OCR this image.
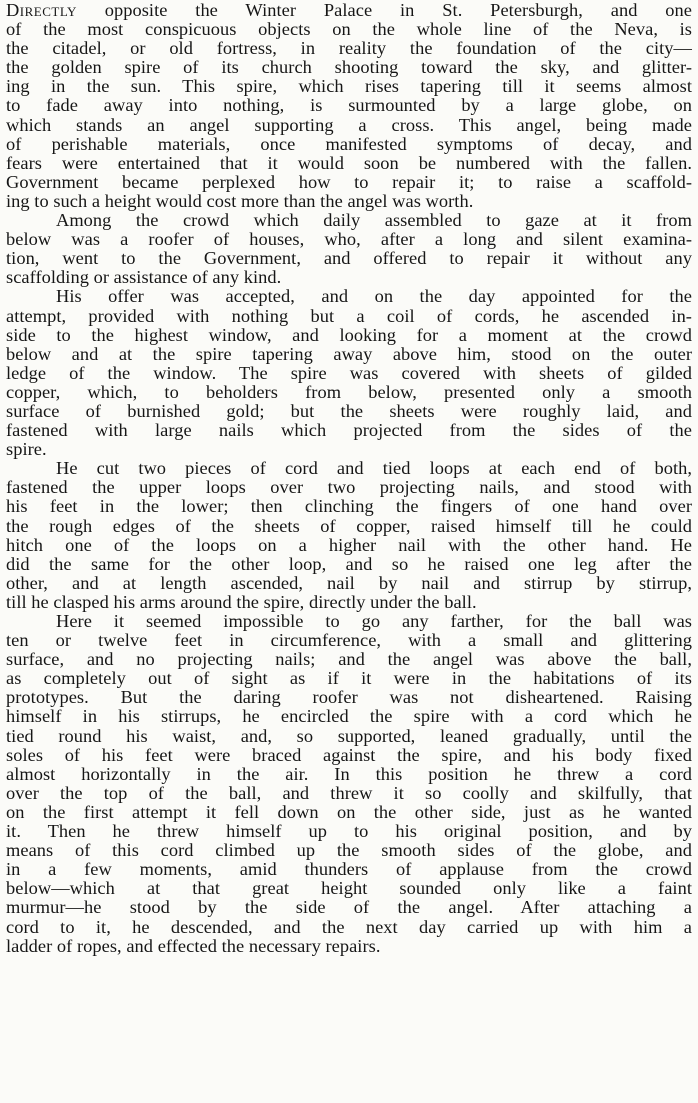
Directly opposite the Winter Palace in St. Petersburgh, and one
of the most conspicuous objects on the whole line of the Neva, is
the citadel, or old fortress, in reality the foundation of the city—
the golden spire of its church shooting toward the sky, and glitter-
ing in the sun. This spire, which rises tapering till it seems almost
to fade away into nothing, is surmounted by a large globe, on
which stands an angel supporting a cross. This angel, being made
of perishable materials, once manifested symptoms of decay, and
fears were entertained that it would soon be numbered with the fallen.
Government became perplexed how to repair it; to raise a scaffold-
ing to such a height would cost more than the angel was worth.
Among the crowd which daily assembled to gaze at it from
below was a roofer of houses, who, after a long and silent examina-
tion, went to the Government, and offered to repair it without any
scaffolding or assistance of any kind.
His offer was accepted, and on the day appointed for the
attempt, provided with nothing but a coil of cords, he ascended in-
side to the highest window, and looking for a moment at the crowd
below and at the spire tapering away above him, stood on the outer
ledge of the window. The spire was covered with sheets of gilded
copper, which, to beholders from below, presented only a smooth
surface of burnished gold; but the sheets were roughly laid, and
fastened with large nails which projected from the sides of the
spire.
He cut two pieces of cord and tied loops at each end of both,
fastened the upper loops over two projecting nails, and stood with
his feet in the lower; then clinching the fingers of one hand over
the rough edges of the sheets of copper, raised himself till he could
hitch one of the loops on a higher nail with the other hand. He
did the same for the other loop, and so he raised one leg after the
other, and at length ascended, nail by nail and stirrup by stirrup,
till he clasped his arms around the spire, directly under the ball.
Here it seemed impossible to go any farther, for the ball was
ten or twelve feet in circumference, with a small and glittering
surface, and no projecting nails; and the angel was above the ball,
as completely out of sight as if it were in the habitations of its
prototypes. But the daring roofer was not disheartened. Raising
himself in his stirrups, he encircled the spire with a cord which he
tied round his waist, and, so supported, leaned gradually, until the
soles of his feet were braced against the spire, and his body fixed
almost horizontally in the air. In this position he threw a cord
over the top of the ball, and threw it so coolly and skilfully, that
on the first attempt it fell down on the other side, just as he wanted
it. Then he threw himself up to his original position, and by
means of this cord climbed up the smooth sides of the globe, and
in a few moments, amid thunders of applause from the crowd
below—which at that great height sounded only like a faint
murmur—he stood by the side of the angel. After attaching a
cord to it, he descended, and the next day carried up with him a
ladder of ropes, and effected the necessary repairs.
